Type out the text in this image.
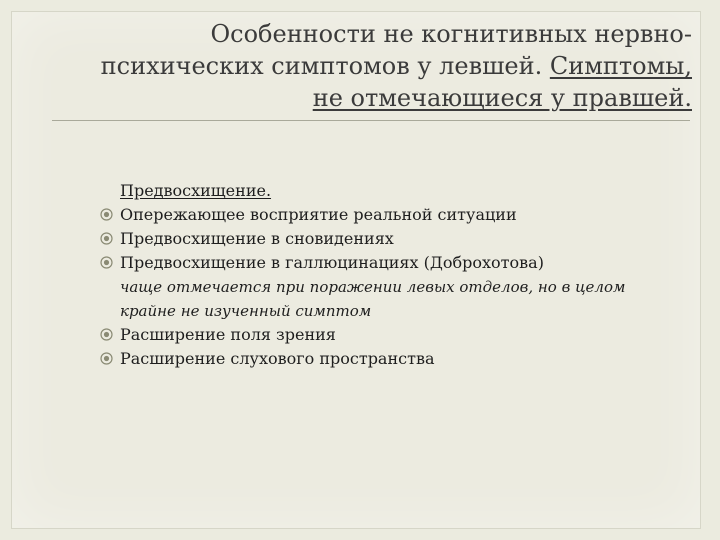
Особенности не когнитивных нервно-
психических симптомов у левшей. Симптомы,
не отмечающиеся у правшей.
Предвосхищение.
Опережающее восприятие реальной ситуации
Предвосхищение в сновидениях
Предвосхищение в галлюцинациях (Доброхотова)
чаще отмечается при поражении левых отделов, но в целом
крайне не изученный симптом
Расширение поля зрения
Расширение слухового пространства
